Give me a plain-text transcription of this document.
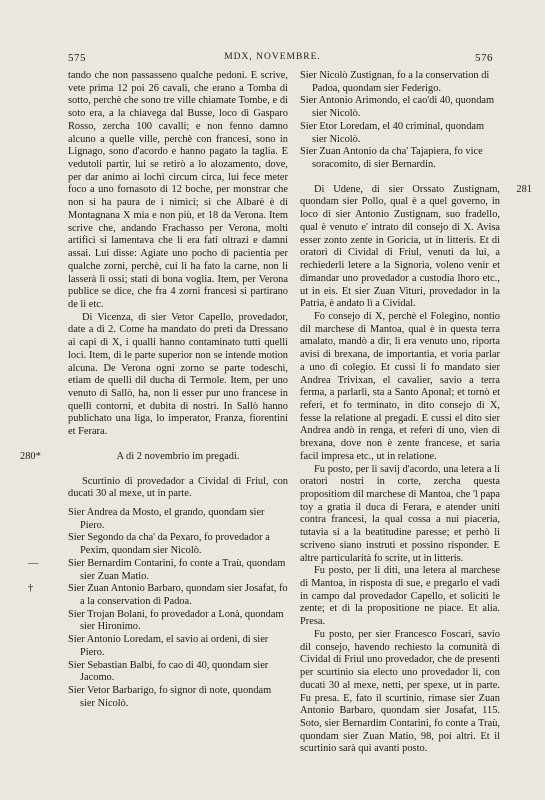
575	MDX, NOVEMBRE.	576

tando che non passasseno qualche pedoni. E scrive, vete prima 12 poi 26 cavali, che erano a Tomba di sotto, perchè che sono tre ville chiamate Tombe, e di soto era, a la chiavega dal Busse, loco di Gasparo Rosso, zercha 100 cavalli; e non fenno damno alcuno a quelle ville, perchè con francesi, sono in Lignago, sono d'acordo e hanno pagato la taglia. E vedutoli partir, lui se retirò a lo alozamento, dove, per dar animo ai lochi circum circa, lui fece meter foco a uno fornasoto di 12 boche, per monstrar che non si ha paura de i nimici; si che Albarè è di Montagnana X mia e non più, et 18 da Verona. Item scrive che, andando Frachasso per Verona, molti artifici si lamentava che li era fati oltrazi e damni assai. Lui disse: Agiate uno pocho di pacientia per qualche zorni, perchè, cui li ha fato la carne, non li lasserà li ossi; stati di bona voglia. Item, per Verona publice se dice, che fra 4 zorni francesi si partirano de li etc.

Di Vicenza, di sier Vetor Capello, provedador, date a dì 2. Come ha mandato do preti da Dressano ai capi di X, i qualli hanno contaminato tutti quelli loci. Item, di le parte superior non se intende motion alcuna. De Verona ogni zorno se parte todeschi, etiam de quelli dil ducha di Termole. Item, per uno venuto di Sallò, ha, non li esser pur uno francese in quelli contorni, et dubita di nostri. In Sallò hanno publichato una liga, lo imperator, Franza, fiorentini et Ferara.

280*	A dì 2 novembrio im pregadi.

Scurtinio di provedador a Cividal di Friul, con ducati 30 al mexe, ut in parte.

Sier Andrea da Mosto, el grando, quondam sier Piero.

Sier Segondo da cha' da Pexaro, fo provedador a Pexim, quondam sier Nicolò.

—	Sier Bernardim Contarini, fo conte a Traù, quondam sier Zuan Matio.

†	Sier Zuan Antonio Barbaro, quondam sier Josafat, fo a la conservation di Padoa.

Sier Trojan Bolani, fo provedador a Lonà, quondam sier Hironimo.

Sier Antonio Loredam, el savio ai ordeni, di sier Piero.

Sier Sebastian Balbi, fo cao di 40, quondam sier Jacomo.

Sier Vetor Barbarigo, fo signor di note, quondam sier Nicolò.

Sier Nicolò Zustignan, fo a la conservation di Padoa, quondam sier Federigo.

Sier Antonio Arimondo, el cao'di 40, quondam sier Nicolò.

Sier Etor Loredam, el 40 criminal, quondam sier Nicolò.

Sier Zuan Antonio da cha' Tajapiera, fo vice soracomito, di sier Bernardin.

281

Di Udene, di sier Orssato Zustignam, quondam sier Pollo, qual è a quel governo, in loco di sier Antonio Zustignam, suo fradello, qual è venuto e' intrato dil consejo di X. Avisa esser zonto zente in Goricia, ut in litteris. Et di oratori di Cividal di Friul, venuti da lui, a rechiederli letere a la Signoria, voleno venir et dimandar uno provedador a custodia lhoro etc., ut in eis. Et sier Zuan Vituri, provedador in la Patria, è andato lì a Cividal.

Fo consejo di X, perchè el Folegino, nontio dil marchese di Mantoa, qual è in questa terra amalato, mandò a dir, li era venuto uno, riporta avisi di brexana, de importantia, et voria parlar a uno di colegio. Et cussi li fo mandato sier Andrea Trivixan, el cavalier, savio a terra ferma, a parlarli, sta a Santo Aponal; et tornò et referì, et fo terminato, in dito consejo di X, fesse la relatione al pregadi. E cussi el dito sier Andrea andò in renga, et referì di uno, vien di brexana, dove non è zente francese, et saria facil impresa etc., ut in relatione.

Fu posto, per li savij d'acordo, una letera a li oratori nostri in corte, zercha questa propositiom dil marchese di Mantoa, che 'l papa toy a gratia il duca di Ferara, e atender uniti contra francesi, la qual cossa a nui piaceria, tutavia si a la beatitudine paresse; et perhò li scriveno siano instruti et possino risponder. E altre particularità fo scrite, ut in litteris.

Fu posto, per li diti, una letera al marchese di Mantoa, in risposta di sue, e pregarlo el vadi in campo dal provedador Capello, et solicitì le zente; et di la propositione ne piace. Et alia. Presa.

Fu posto, per sier Francesco Foscari, savio dil consejo, havendo rechiesto la comunità di Cividal di Friul uno provedador, che de presenti per scurtinio sia electo uno provedador li, con ducati 30 al mexe, netti, per spexe, ut in parte. Fu presa. E, fato il scurtinio, rimase sier Zuan Antonio Barbaro, quondam sier Josafat, 115. Soto, sier Bernardim Contarini, fo conte a Traù, quondam sier Zuan Matio, 98, poi altri. Et il scurtinio sarà qui avanti posto.
